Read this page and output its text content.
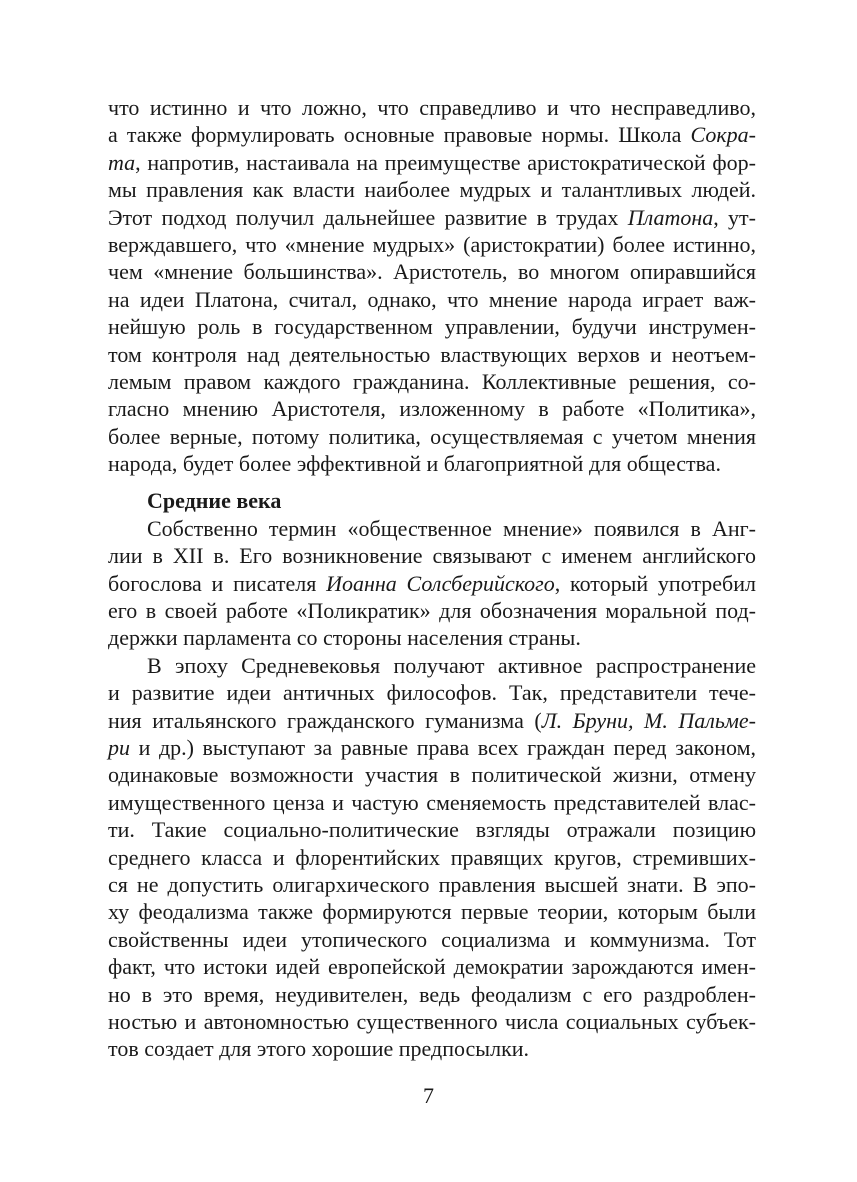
что истинно и что ложно, что справедливо и что несправедливо,
а также формулировать основные правовые нормы. Школа Сокра-
та, напротив, настаивала на преимуществе аристократической фор-
мы правления как власти наиболее мудрых и талантливых людей.
Этот подход получил дальнейшее развитие в трудах Платона, ут-
верждавшего, что «мнение мудрых» (аристократии) более истинно,
чем «мнение большинства». Аристотель, во многом опиравшийся
на идеи Платона, считал, однако, что мнение народа играет важ-
нейшую роль в государственном управлении, будучи инструмен-
том контроля над деятельностью властвующих верхов и неотъем-
лемым правом каждого гражданина. Коллективные решения, со-
гласно мнению Аристотеля, изложенному в работе «Политика»,
более верные, потому политика, осуществляемая с учетом мнения
народа, будет более эффективной и благоприятной для общества.
Средние века
Собственно термин «общественное мнение» появился в Анг-
лии в XII в. Его возникновение связывают с именем английского
богослова и писателя Иоанна Солсберийского, который употребил
его в своей работе «Поликратик» для обозначения моральной под-
держки парламента со стороны населения страны.
В эпоху Средневековья получают активное распространение
и развитие идеи античных философов. Так, представители тече-
ния итальянского гражданского гуманизма (Л. Бруни, М. Пальме-
ри и др.) выступают за равные права всех граждан перед законом,
одинаковые возможности участия в политической жизни, отмену
имущественного ценза и частую сменяемость представителей влас-
ти. Такие социально-политические взгляды отражали позицию
среднего класса и флорентийских правящих кругов, стремивших-
ся не допустить олигархического правления высшей знати. В эпо-
ху феодализма также формируются первые теории, которым были
свойственны идеи утопического социализма и коммунизма. Тот
факт, что истоки идей европейской демократии зарождаются имен-
но в это время, неудивителен, ведь феодализм с его раздроблен-
ностью и автономностью существенного числа социальных субъек-
тов создает для этого хорошие предпосылки.
7
